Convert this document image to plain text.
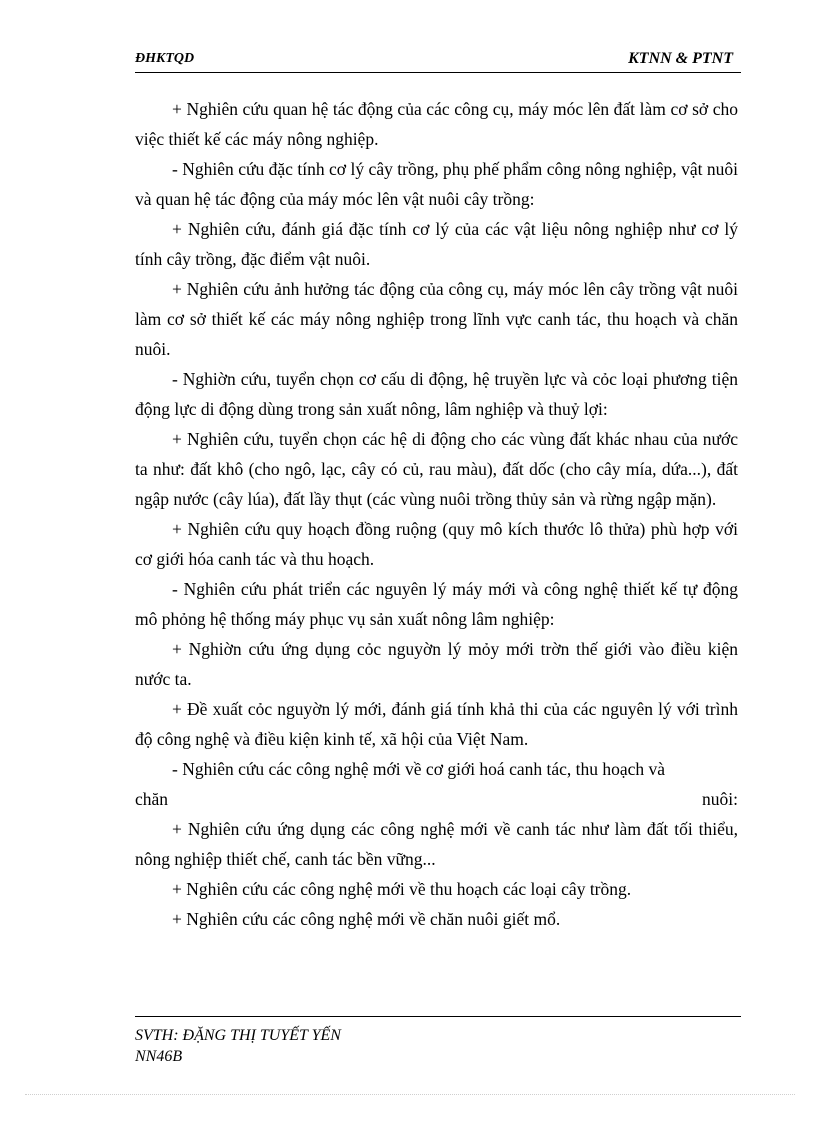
ĐHKTQD	KTNN & PTNT

+ Nghiên cứu quan hệ tác động của các công cụ, máy móc lên đất làm cơ sở cho việc thiết kế các máy nông nghiệp.

- Nghiên cứu đặc tính cơ lý cây trồng, phụ phế phẩm công nông nghiệp, vật nuôi và quan hệ tác động của máy móc lên vật nuôi cây trồng:

+ Nghiên cứu, đánh giá đặc tính cơ lý của các vật liệu nông nghiệp như cơ lý tính cây trồng, đặc điểm vật nuôi.

+ Nghiên cứu ảnh hưởng tác động của công cụ, máy móc lên cây trồng vật nuôi làm cơ sở thiết kế các máy nông nghiệp trong lĩnh vực canh tác, thu hoạch và chăn nuôi.

- Nghiờn cứu, tuyển chọn cơ cấu di động, hệ truyền lực và cỏc loại phương tiện động lực di động dùng trong sản xuất nông, lâm nghiệp và thuỷ lợi:

+ Nghiên cứu, tuyển chọn các hệ di động cho các vùng đất khác nhau của nước ta như: đất khô (cho ngô, lạc, cây có củ, rau màu), đất dốc (cho cây mía, dứa...), đất ngập nước (cây lúa), đất lầy thụt (các vùng nuôi trồng thủy sản và rừng ngập mặn).

+ Nghiên cứu quy hoạch đồng ruộng (quy mô kích thước lô thửa) phù hợp với cơ giới hóa canh tác và thu hoạch.

- Nghiên cứu phát triển các nguyên lý máy mới và công nghệ thiết kế tự động mô phỏng hệ thống máy phục vụ sản xuất nông lâm nghiệp:

+ Nghiờn cứu ứng dụng cỏc nguyờn lý mỏy mới trờn thế giới vào điều kiện nước ta.

+ Đề xuất cỏc nguyờn lý mới, đánh giá tính khả thi của các nguyên lý với trình độ công nghệ và điều kiện kinh tế, xã hội của Việt Nam.

- Nghiên cứu các công nghệ mới về cơ giới hoá canh tác, thu hoạch và

chăn	nuôi:

+ Nghiên cứu ứng dụng các công nghệ mới về canh tác như làm đất tối thiểu, nông nghiệp thiết chế, canh tác bền vững...

+ Nghiên cứu các công nghệ mới về thu hoạch các loại cây trồng.

+ Nghiên cứu các công nghệ mới về chăn nuôi giết mổ.

SVTH: ĐẶNG THỊ TUYẾT YẾN
NN46B
